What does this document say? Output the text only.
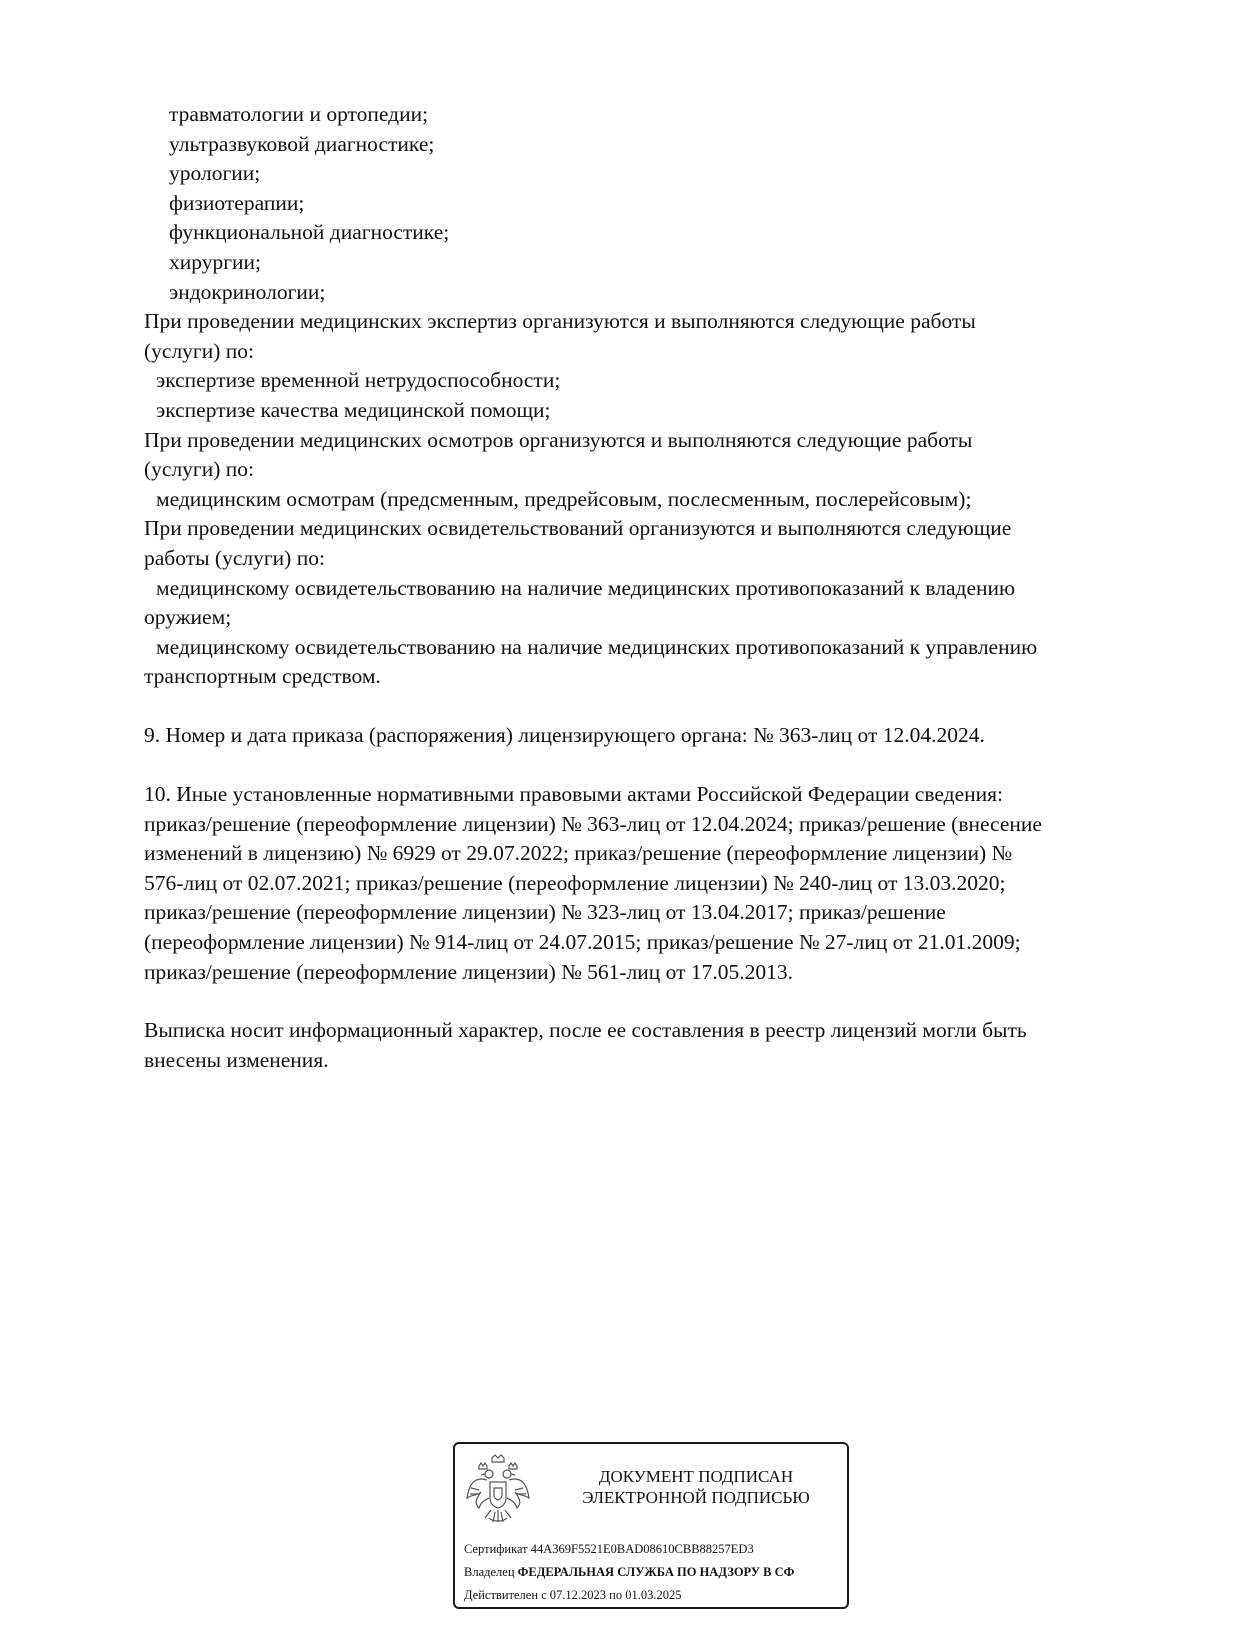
травматологии и ортопедии;
ультразвуковой диагностике;
урологии;
физиотерапии;
функциональной диагностике;
хирургии;
эндокринологии;
При проведении медицинских экспертиз организуются и выполняются следующие работы
(услуги) по:
экспертизе временной нетрудоспособности;
экспертизе качества медицинской помощи;
При проведении медицинских осмотров организуются и выполняются следующие работы
(услуги) по:
медицинским осмотрам (предсменным, предрейсовым, послесменным, послерейсовым);
При проведении медицинских освидетельствований организуются и выполняются следующие
работы (услуги) по:
медицинскому освидетельствованию на наличие медицинских противопоказаний к владению
оружием;
медицинскому освидетельствованию на наличие медицинских противопоказаний к управлению
транспортным средством.
9. Номер и дата приказа (распоряжения) лицензирующего органа: № 363-лиц от 12.04.2024.
10. Иные установленные нормативными правовыми актами Российской Федерации сведения:
приказ/решение (переоформление лицензии) № 363-лиц от 12.04.2024; приказ/решение (внесение
изменений в лицензию) № 6929 от 29.07.2022; приказ/решение (переоформление лицензии) №
576-лиц от 02.07.2021; приказ/решение (переоформление лицензии) № 240-лиц от 13.03.2020;
приказ/решение (переоформление лицензии) № 323-лиц от 13.04.2017; приказ/решение
(переоформление лицензии) № 914-лиц от 24.07.2015; приказ/решение № 27-лиц от 21.01.2009;
приказ/решение (переоформление лицензии) № 561-лиц от 17.05.2013.
Выписка носит информационный характер, после ее составления в реестр лицензий могли быть
внесены изменения.
ДОКУМЕНТ ПОДПИСАН
ЭЛЕКТРОННОЙ ПОДПИСЬЮ
Сертификат 44A369F5521E0BAD08610CBB88257ED3
Владелец ФЕДЕРАЛЬНАЯ СЛУЖБА ПО НАДЗОРУ В СФ
Действителен с 07.12.2023 по 01.03.2025
